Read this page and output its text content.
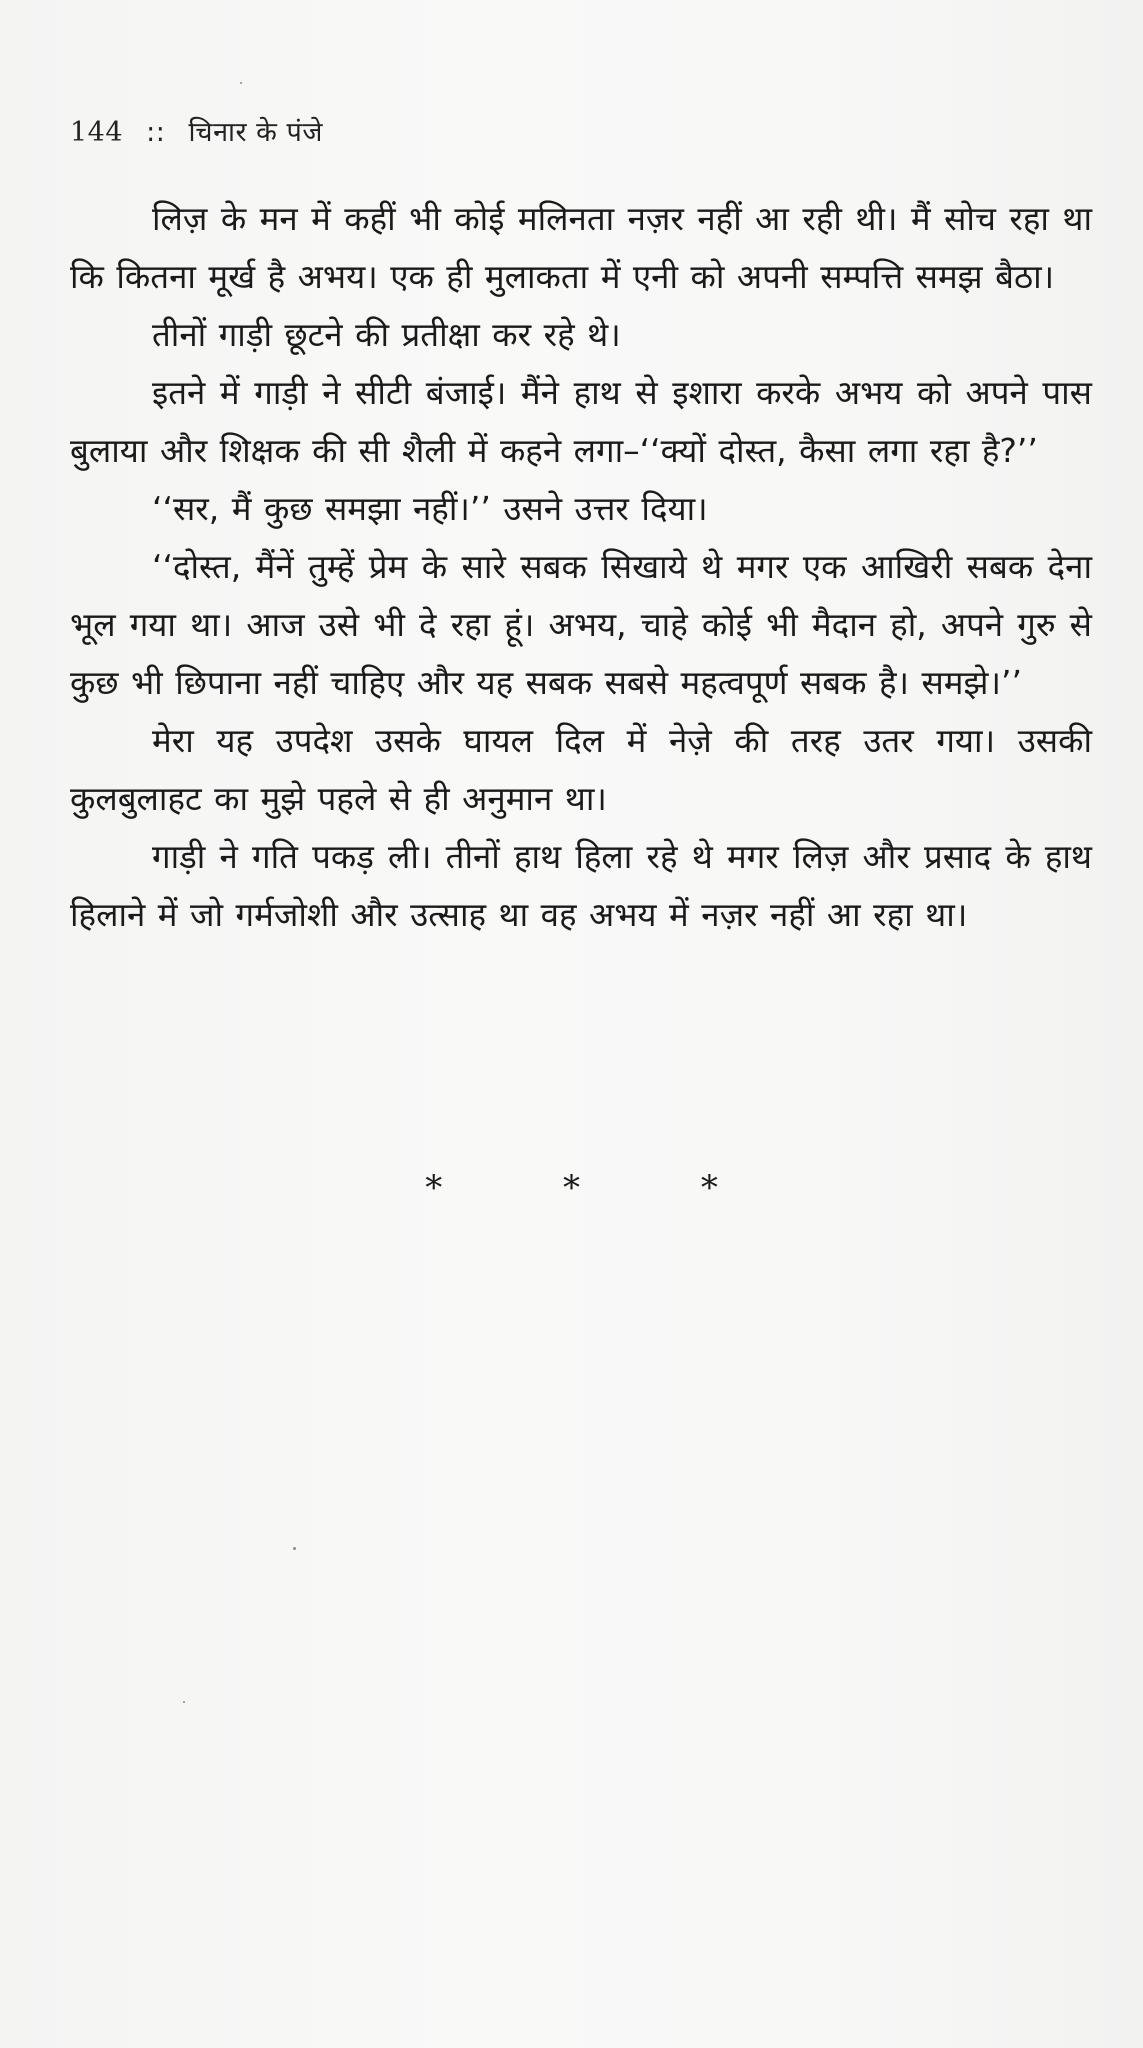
144 :: चिनार के पंजे

लिज़ के मन में कहीं भी कोई मलिनता नज़र नहीं आ रही थी। मैं सोच रहा था कि कितना मूर्ख है अभय। एक ही मुलाकता में एनी को अपनी सम्पत्ति समझ बैठा।

तीनों गाड़ी छूटने की प्रतीक्षा कर रहे थे।

इतने में गाड़ी ने सीटी बंजाई। मैंने हाथ से इशारा करके अभय को अपने पास बुलाया और शिक्षक की सी शैली में कहने लगा–‘‘क्यों दोस्त, कैसा लगा रहा है?’’

‘‘सर, मैं कुछ समझा नहीं।’’ उसने उत्तर दिया।

‘‘दोस्त, मैंनें तुम्हें प्रेम के सारे सबक सिखाये थे मगर एक आखिरी सबक देना भूल गया था। आज उसे भी दे रहा हूं। अभय, चाहे कोई भी मैदान हो, अपने गुरु से कुछ भी छिपाना नहीं चाहिए और यह सबक सबसे महत्वपूर्ण सबक है। समझे।’’

मेरा यह उपदेश उसके घायल दिल में नेज़े की तरह उतर गया। उसकी कुलबुलाहट का मुझे पहले से ही अनुमान था।

गाड़ी ने गति पकड़ ली। तीनों हाथ हिला रहे थे मगर लिज़ और प्रसाद के हाथ हिलाने में जो गर्मजोशी और उत्साह था वह अभय में नज़र नहीं आ रहा था।

*	*	*
